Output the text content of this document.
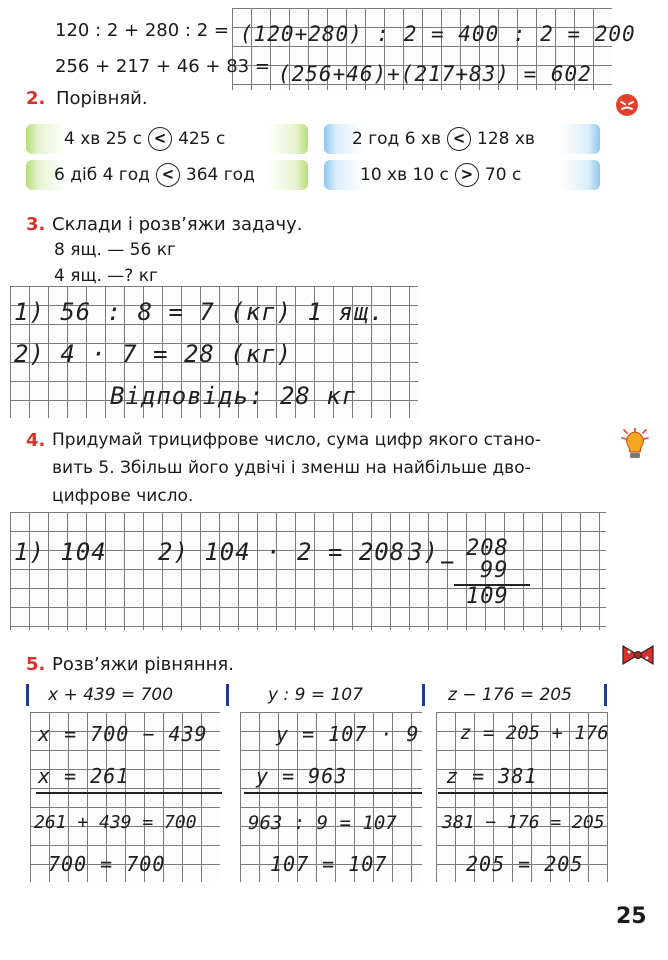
120 : 2 + 280 : 2 = (120+280) : 2 = 400 : 2 = 200
256 + 217 + 46 + 83 = (256+46)+(217+83) = 602
2. Порівняй.
4 хв 25 с < 425 с	2 год 6 хв < 128 хв
6 діб 4 год < 364 год	10 хв 10 с > 70 с
3. Склади і розв’яжи задачу.
8 ящ. — 56 кг
4 ящ. —? кг
1) 56 : 8 = 7 (кг) 1 ящ.
2) 4 · 7 = 28 (кг)
Відповідь: 28 кг
4. Придумай трицифрове число, сума цифр якого стано-
вить 5. Збільш його удвічі і зменш на найбільше дво-
цифрове число.
1) 104 2) 104 · 2 = 208 3) − 208
99
109
5. Розв’яжи рівняння.
x + 439 = 700	y : 9 = 107	z − 176 = 205
x = 700 − 439
x = 261
261 + 439 = 700
700 = 700
y = 107 · 9
y = 963
963 : 9 = 107
107 = 107
z = 205 + 176
z = 381
381 − 176 = 205
205 = 205
25
